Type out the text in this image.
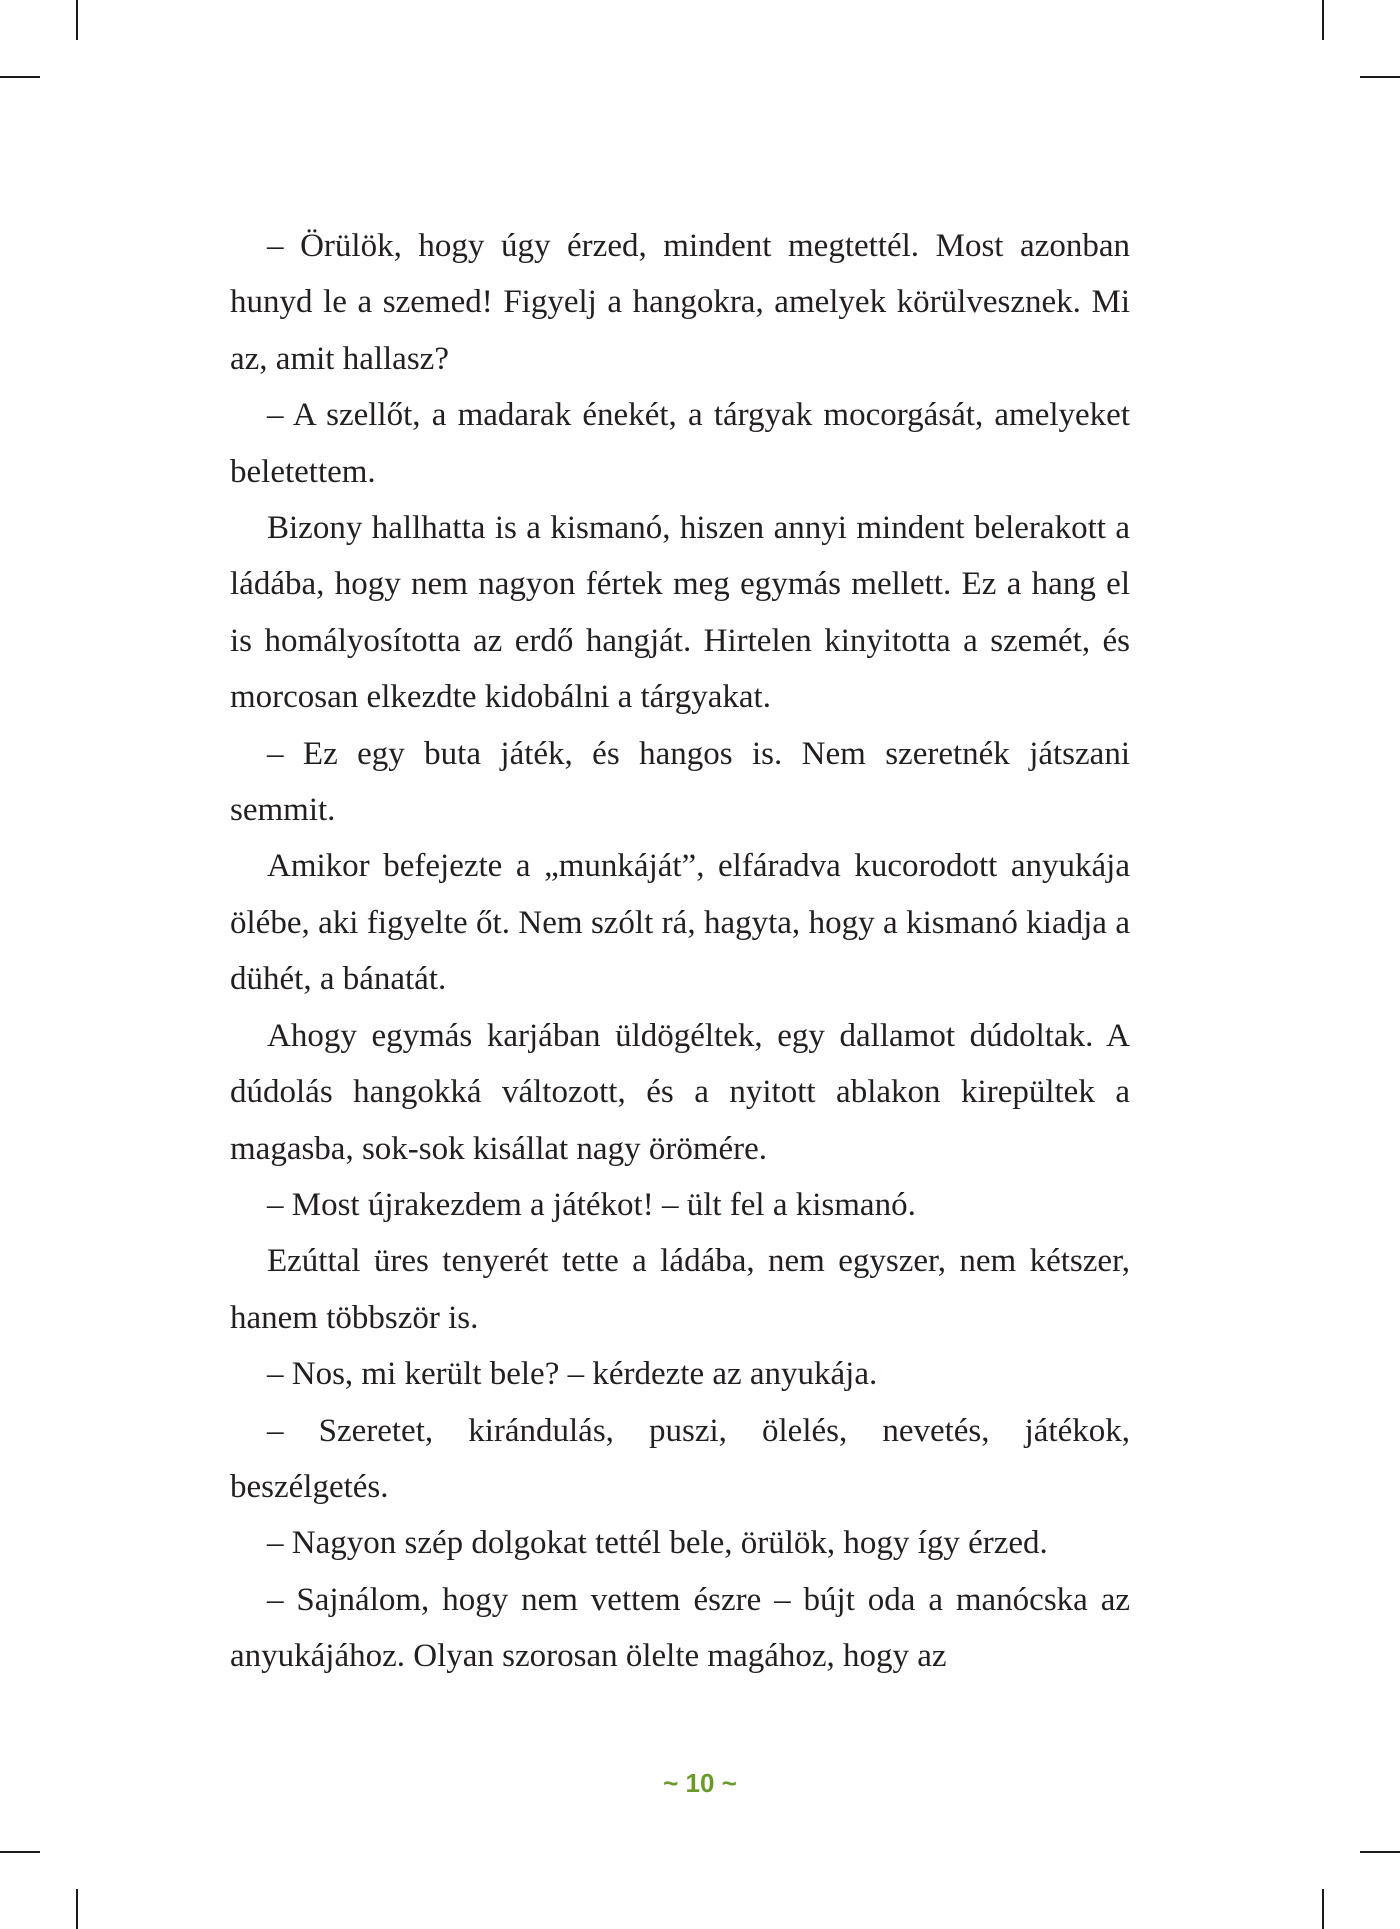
– Örülök, hogy úgy érzed, mindent megtettél. Most azonban hunyd le a szemed! Figyelj a hangokra, amelyek körülvesznek. Mi az, amit hallasz?

– A szellőt, a madarak énekét, a tárgyak mocorgását, amelyeket beletettem.

Bizony hallhatta is a kismanó, hiszen annyi mindent belerakott a ládába, hogy nem nagyon fértek meg egymás mellett. Ez a hang el is homályosította az erdő hangját. Hirtelen kinyitotta a szemét, és morcosan elkezdte kidobálni a tárgyakat.

– Ez egy buta játék, és hangos is. Nem szeretnék játszani semmit.

Amikor befejezte a „munkáját”, elfáradva kucorodott anyukája ölébe, aki figyelte őt. Nem szólt rá, hagyta, hogy a kismanó kiadja a dühét, a bánatát.

Ahogy egymás karjában üldögéltek, egy dallamot dúdoltak. A dúdolás hangokká változott, és a nyitott ablakon kirepültek a magasba, sok-sok kisállat nagy örömére.

– Most újrakezdem a játékot! – ült fel a kismanó.

Ezúttal üres tenyerét tette a ládába, nem egyszer, nem kétszer, hanem többször is.

– Nos, mi került bele? – kérdezte az anyukája.

– Szeretet, kirándulás, puszi, ölelés, nevetés, játékok, beszélgetés.

– Nagyon szép dolgokat tettél bele, örülök, hogy így érzed.

– Sajnálom, hogy nem vettem észre – bújt oda a manócska az anyukájához. Olyan szorosan ölelte magához, hogy az

~ 10 ~
